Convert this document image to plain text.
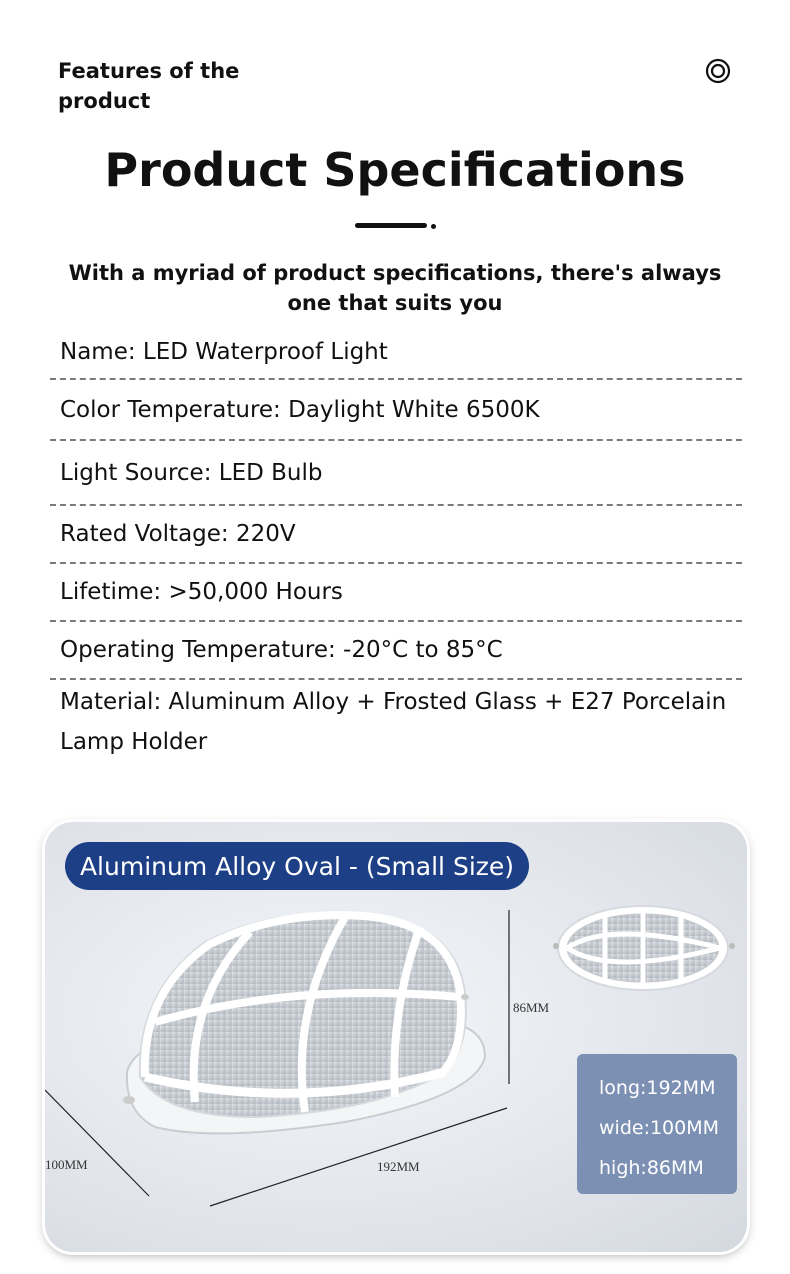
Features of the product
Product Specifications
With a myriad of product specifications, there's always one that suits you
Name: LED Waterproof Light
Color Temperature: Daylight White 6500K
Light Source: LED Bulb
Rated Voltage: 220V
Lifetime: >50,000 Hours
Operating Temperature: -20°C to 85°C
Material: Aluminum Alloy + Frosted Glass + E27 Porcelain Lamp Holder
86MM
192MM
100MM
Aluminum Alloy Oval - (Small Size)
long:192MM
wide:100MM
high:86MM
